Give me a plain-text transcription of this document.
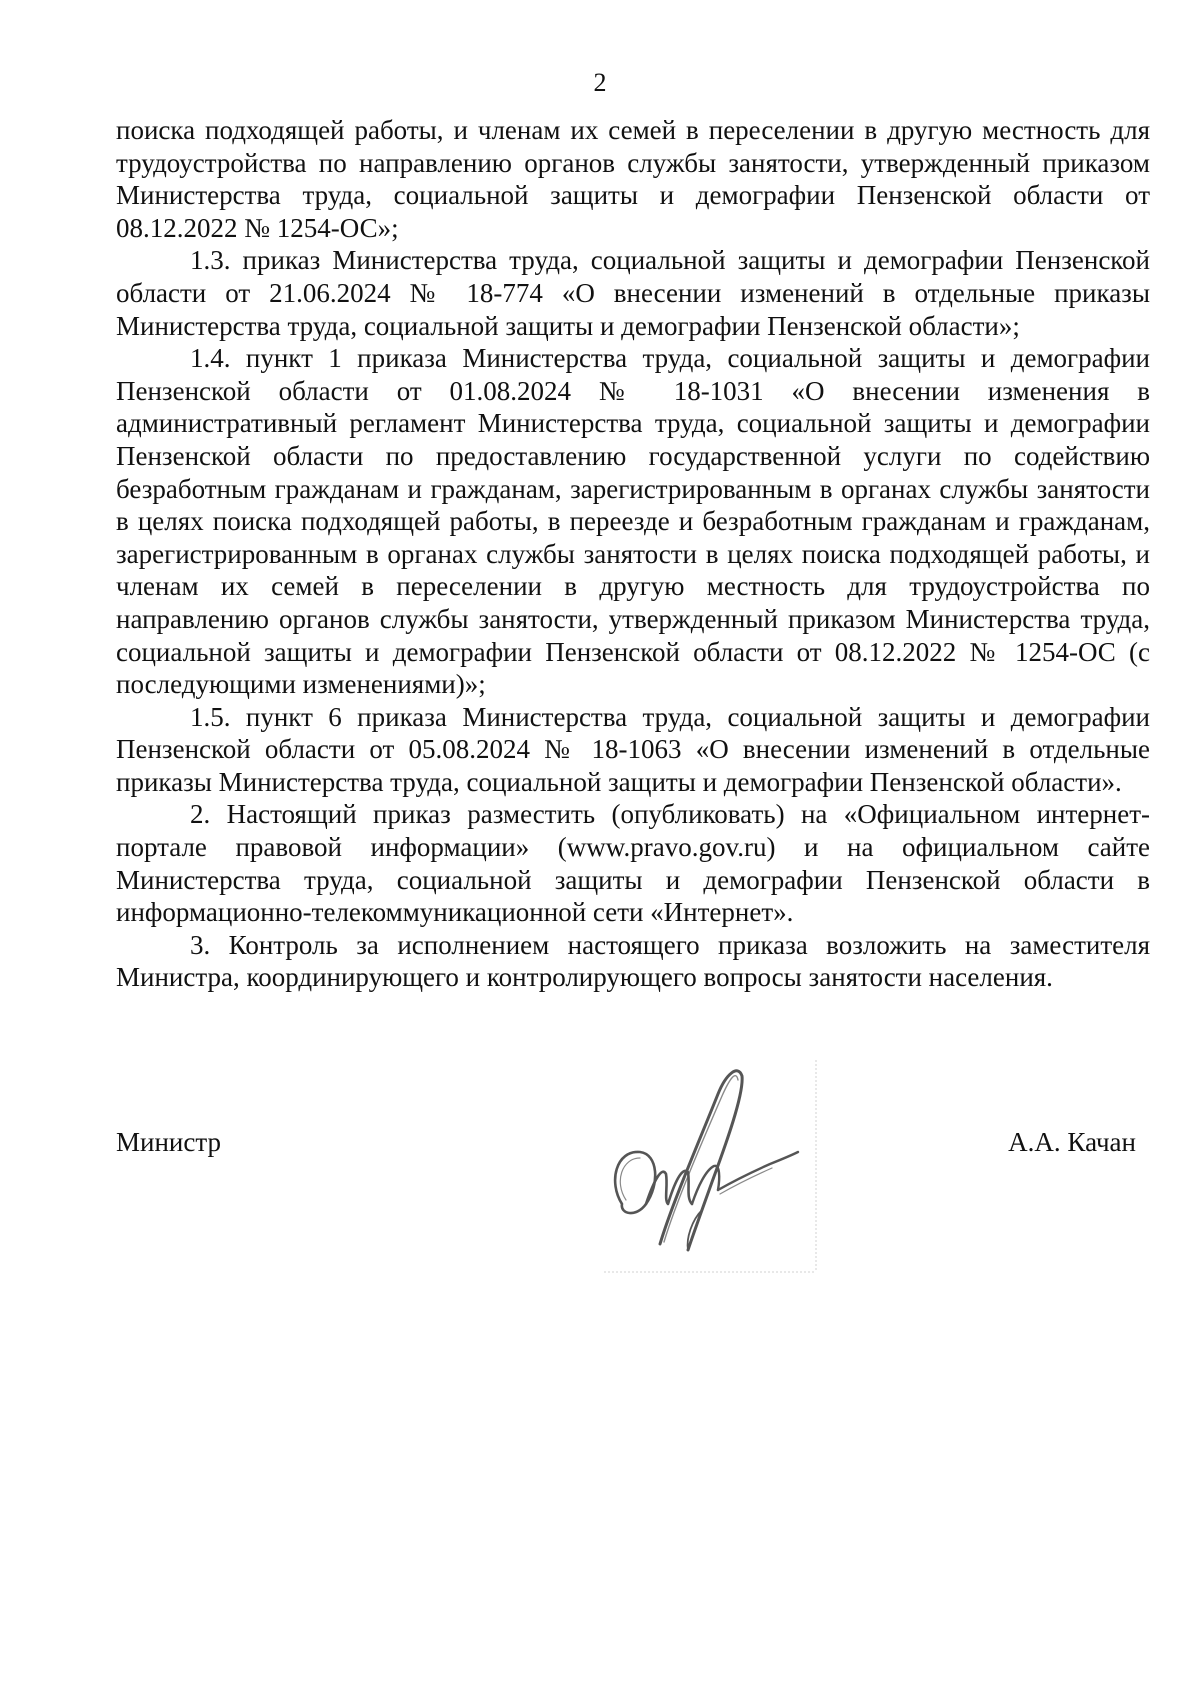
2

поиска подходящей работы, и членам их семей в переселении в другую местность для трудоустройства по направлению органов службы занятости, утвержденный приказом Министерства труда, социальной защиты и демографии Пензенской области от 08.12.2022 № 1254-ОС»;

1.3. приказ Министерства труда, социальной защиты и демографии Пензенской области от 21.06.2024 № 18-774 «О внесении изменений в отдельные приказы Министерства труда, социальной защиты и демографии Пензенской области»;

1.4. пункт 1 приказа Министерства труда, социальной защиты и демографии Пензенской области от 01.08.2024 № 18-1031 «О внесении изменения в административный регламент Министерства труда, социальной защиты и демографии Пензенской области по предоставлению государственной услуги по содействию безработным гражданам и гражданам, зарегистрированным в органах службы занятости в целях поиска подходящей работы, в переезде и безработным гражданам и гражданам, зарегистрированным в органах службы занятости в целях поиска подходящей работы, и членам их семей в переселении в другую местность для трудоустройства по направлению органов службы занятости, утвержденный приказом Министерства труда, социальной защиты и демографии Пензенской области от 08.12.2022 № 1254-ОС (с последующими изменениями)»;

1.5. пункт 6 приказа Министерства труда, социальной защиты и демографии Пензенской области от 05.08.2024 № 18-1063 «О внесении изменений в отдельные приказы Министерства труда, социальной защиты и демографии Пензенской области».

2. Настоящий приказ разместить (опубликовать) на «Официальном интернет-портале правовой информации» (www.pravo.gov.ru) и на официальном сайте Министерства труда, социальной защиты и демографии Пензенской области в информационно-телекоммуникационной сети «Интернет».

3. Контроль за исполнением настоящего приказа возложить на заместителя Министра, координирующего и контролирующего вопросы занятости населения.

Министр	А.А. Качан
